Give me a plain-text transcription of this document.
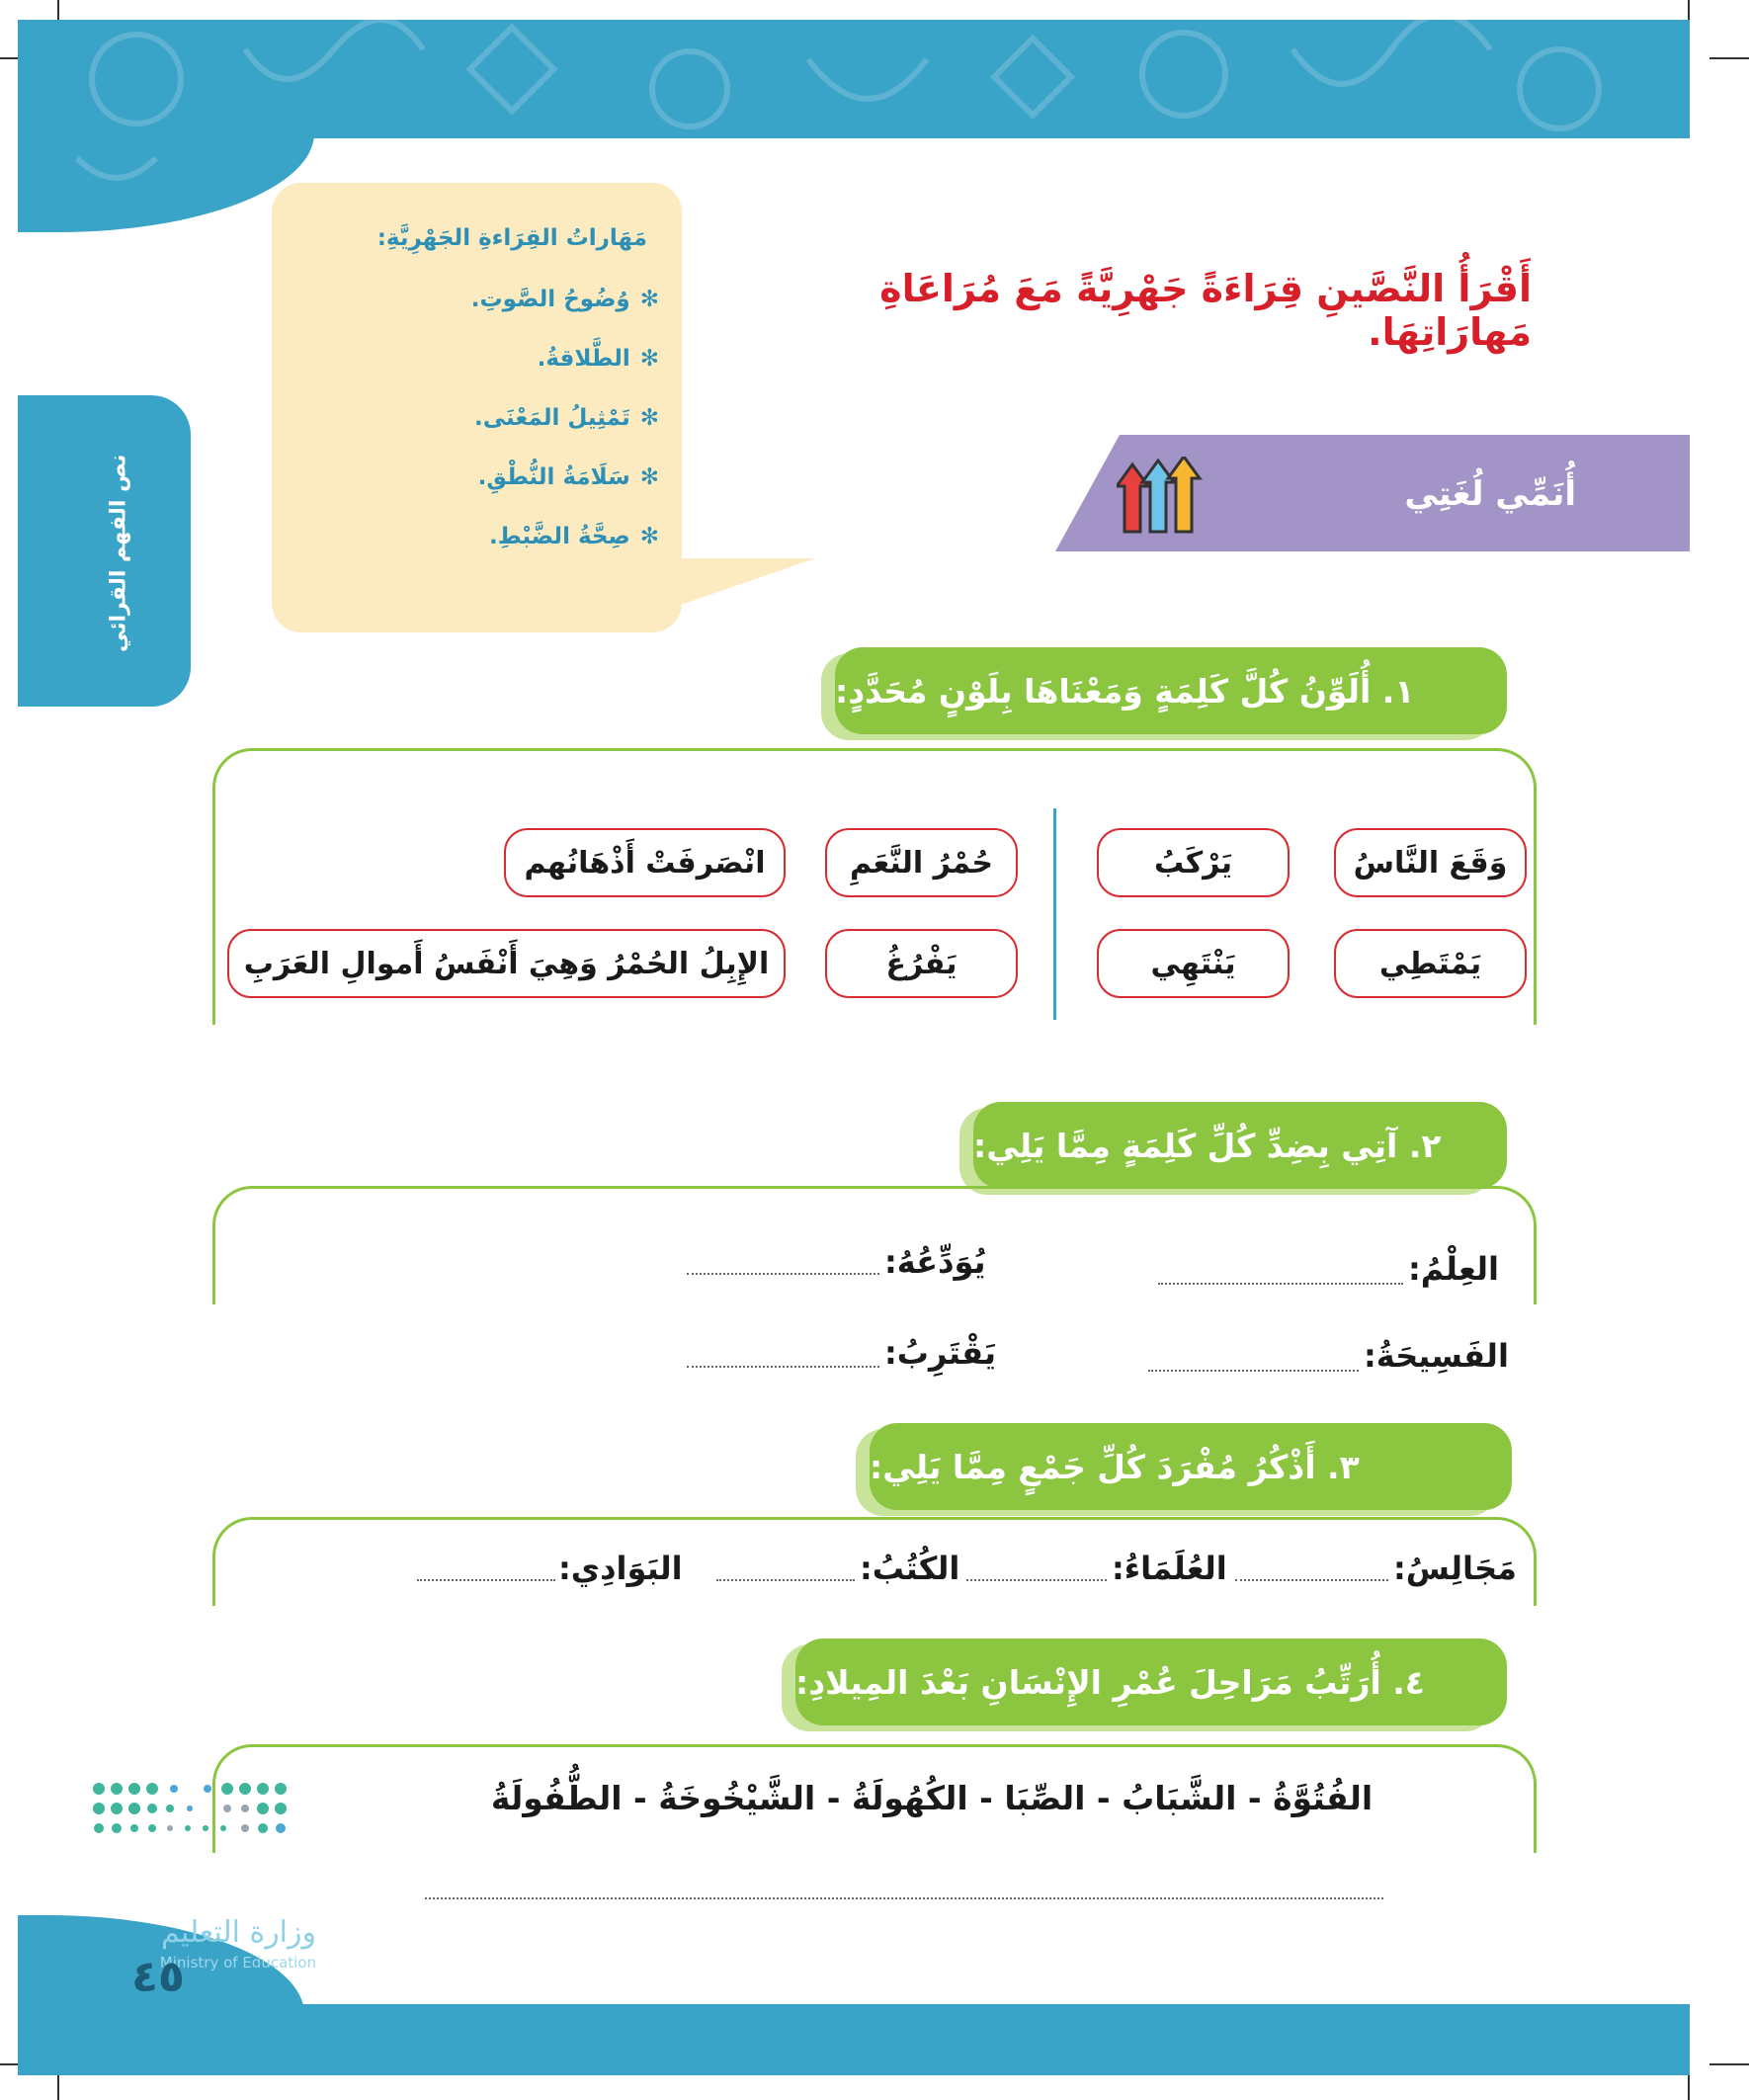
نص الفهم القرائي
مَهَاراتُ القِرَاءةِ الجَهْرِيَّةِ:
✻وُضُوحُ الصَّوتِ.
✻الطَّلاقةُ.
✻تَمْثِيلُ المَعْنَى.
✻سَلَامَةُ النُّطْقِ.
✻صِحَّةُ الضَّبْطِ.
أَقْرَأُ النَّصَّينِ قِرَاءَةً جَهْرِيَّةً مَعَ مُرَاعَاةِ مَهارَاتِهَا.
أُنَمِّي لُغَتِي
١. أُلَوِّنُ كُلَّ كَلِمَةٍ وَمَعْنَاهَا بِلَوْنٍ مُحَدَّدٍ:
وَقَعَ النَّاسُ
يَرْكَبُ
يَمْتَطِي
يَنْتَهِي
حُمْرُ النَّعَمِ
انْصَرفَتْ أَذْهَانُهم
يَفْرُغُ
الإِبِلُ الحُمْرُ وَهِيَ أَنْفَسُ أَموالِ العَرَبِ
٢. آتِي بِضِدِّ كُلِّ كَلِمَةٍ مِمَّا يَلِي:
العِلْمُ:
يُوَدِّعُهُ:
الفَسِيحَةُ:
يَقْتَرِبُ:
٣. أَذْكُرُ مُفْرَدَ كُلِّ جَمْعٍ مِمَّا يَلِي:
مَجَالِسُ:
العُلَمَاءُ:
الكُتُبُ:
البَوَادِي:
٤. أُرَتِّبُ مَرَاحِلَ عُمْرِ الإِنْسَانِ بَعْدَ المِيلادِ:
الفُتُوَّةُ - الشَّبَابُ - الصِّبَا - الكُهُولَةُ - الشَّيْخُوخَةُ - الطُّفُولَةُ
وزارة التعليم
Ministry of Education
٤٥
